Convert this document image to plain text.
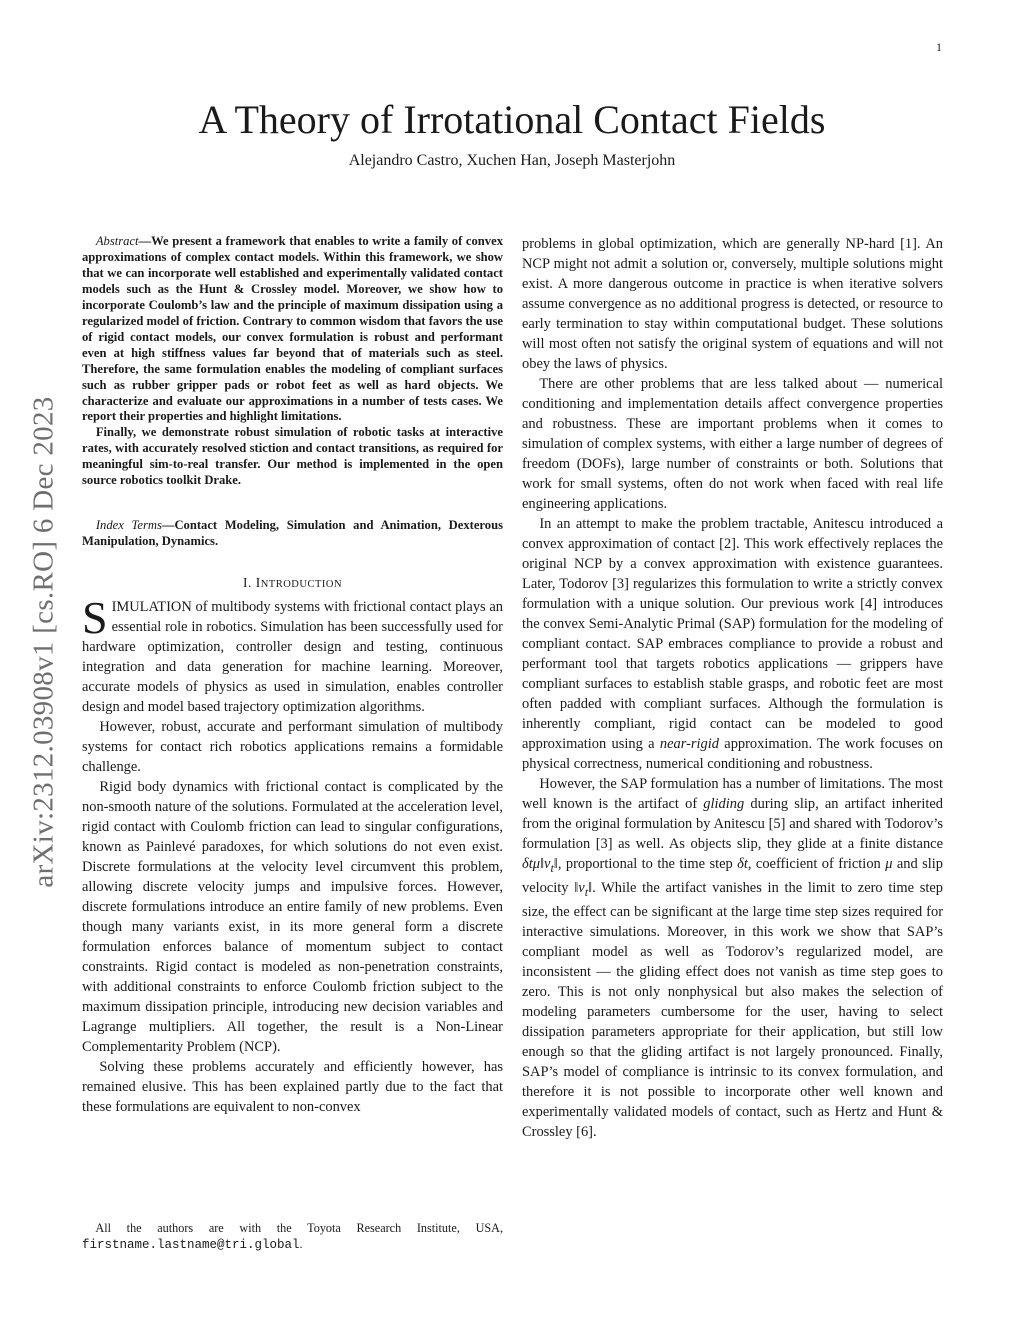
1
arXiv:2312.03908v1 [cs.RO] 6 Dec 2023
A Theory of Irrotational Contact Fields
Alejandro Castro, Xuchen Han, Joseph Masterjohn

Abstract—We present a framework that enables to write a family of convex approximations of complex contact models. Within this framework, we show that we can incorporate well established and experimentally validated contact models such as the Hunt & Crossley model. Moreover, we show how to incorporate Coulomb’s law and the principle of maximum dissipation using a regularized model of friction. Contrary to common wisdom that favors the use of rigid contact models, our convex formulation is robust and performant even at high stiffness values far beyond that of materials such as steel. Therefore, the same formulation enables the modeling of compliant surfaces such as rubber gripper pads or robot feet as well as hard objects. We characterize and evaluate our approximations in a number of tests cases. We report their properties and highlight limitations.

Finally, we demonstrate robust simulation of robotic tasks at interactive rates, with accurately resolved stiction and contact transitions, as required for meaningful sim-to-real transfer. Our method is implemented in the open source robotics toolkit Drake.

Index Terms—Contact Modeling, Simulation and Animation, Dexterous Manipulation, Dynamics.
I. INTRODUCTION

SIMULATION of multibody systems with frictional contact plays an essential role in robotics. Simulation has been successfully used for hardware optimization, controller design and testing, continuous integration and data generation for machine learning. Moreover, accurate models of physics as used in simulation, enables controller design and model based trajectory optimization algorithms.

However, robust, accurate and performant simulation of multibody systems for contact rich robotics applications remains a formidable challenge.

Rigid body dynamics with frictional contact is complicated by the non-smooth nature of the solutions. Formulated at the acceleration level, rigid contact with Coulomb friction can lead to singular configurations, known as Painlevé paradoxes, for which solutions do not even exist. Discrete formulations at the velocity level circumvent this problem, allowing discrete velocity jumps and impulsive forces. However, discrete formulations introduce an entire family of new problems. Even though many variants exist, in its more general form a discrete formulation enforces balance of momentum subject to contact constraints. Rigid contact is modeled as non-penetration constraints, with additional constraints to enforce Coulomb friction subject to the maximum dissipation principle, introducing new decision variables and Lagrange multipliers. All together, the result is a Non-Linear Complementarity Problem (NCP).

Solving these problems accurately and efficiently however, has remained elusive. This has been explained partly due to the fact that these formulations are equivalent to non-convex

All the authors are with the Toyota Research Institute, USA, firstname.lastname@tri.global.

problems in global optimization, which are generally NP-hard [1]. An NCP might not admit a solution or, conversely, multiple solutions might exist. A more dangerous outcome in practice is when iterative solvers assume convergence as no additional progress is detected, or resource to early termination to stay within computational budget. These solutions will most often not satisfy the original system of equations and will not obey the laws of physics.

There are other problems that are less talked about — numerical conditioning and implementation details affect convergence properties and robustness. These are important problems when it comes to simulation of complex systems, with either a large number of degrees of freedom (DOFs), large number of constraints or both. Solutions that work for small systems, often do not work when faced with real life engineering applications.

In an attempt to make the problem tractable, Anitescu introduced a convex approximation of contact [2]. This work effectively replaces the original NCP by a convex approximation with existence guarantees. Later, Todorov [3] regularizes this formulation to write a strictly convex formulation with a unique solution. Our previous work [4] introduces the convex Semi-Analytic Primal (SAP) formulation for the modeling of compliant contact. SAP embraces compliance to provide a robust and performant tool that targets robotics applications — grippers have compliant surfaces to establish stable grasps, and robotic feet are most often padded with compliant surfaces. Although the formulation is inherently compliant, rigid contact can be modeled to good approximation using a near-rigid approximation. The work focuses on physical correctness, numerical conditioning and robustness.

However, the SAP formulation has a number of limitations. The most well known is the artifact of gliding during slip, an artifact inherited from the original formulation by Anitescu [5] and shared with Todorov’s formulation [3] as well. As objects slip, they glide at a finite distance $\delta t\mu‖v_t‖$, proportional to the time step δt, coefficient of friction μ and slip velocity $‖v_t‖$. While the artifact vanishes in the limit to zero time step size, the effect can be significant at the large time step sizes required for interactive simulations. Moreover, in this work we show that SAP’s compliant model as well as Todorov’s regularized model, are inconsistent — the gliding effect does not vanish as time step goes to zero. This is not only nonphysical but also makes the selection of modeling parameters cumbersome for the user, having to select dissipation parameters appropriate for their application, but still low enough so that the gliding artifact is not largely pronounced. Finally, SAP’s model of compliance is intrinsic to its convex formulation, and therefore it is not possible to incorporate other well known and experimentally validated models of contact, such as Hertz and Hunt & Crossley [6].
